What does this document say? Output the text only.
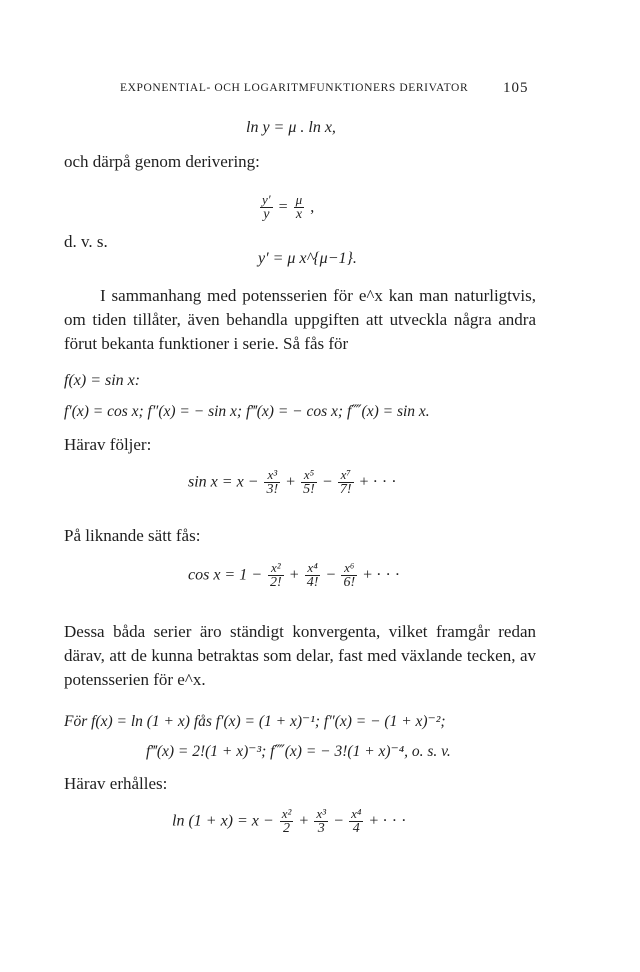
EXPONENTIAL- OCH LOGARITMFUNKTIONERS DERIVATOR 105
ln y = μ . ln x,
och därpå genom derivering:
$\frac{y'}{y} = \frac{\mu}{x}$ ,
d. v. s.
y′ = μ x^{μ−1}.
I sammanhang med potensserien för e^x kan man naturligtvis, om tiden tillåter, även behandla uppgiften att utveckla några andra förut bekanta funktioner i serie. Så fås för
f(x) = sin x:
f′(x) = cos x; f″(x) = − sin x; f‴(x) = − cos x; f⁗(x) = sin x.
Härav följer:
$\sin x = x - \frac{\text{x³}}{3!} + \frac{\text{x⁵}}{5!} - \frac{\text{x⁷}}{7!}$ + · · ·
På liknande sätt fås:
$\cos x = 1 - \frac{\text{x²}}{2!} + \frac{\text{x⁴}}{4!} - \frac{\text{x⁶}}{6!}$ + · · ·
Dessa båda serier äro ständigt konvergenta, vilket framgår redan därav, att de kunna betraktas som delar, fast med växlande tecken, av potensserien för e^x.
För f(x) = ln (1 + x) fås f′(x) = (1 + x)⁻¹; f″(x) = − (1 + x)⁻²;
f‴(x) = 2!(1 + x)⁻³; f⁗(x) = − 3!(1 + x)⁻⁴, o. s. v.
Härav erhålles:
$\ln (1 + x) = x - \frac{\text{x²}}{2} + \frac{\text{x³}}{3} - \frac{\text{x⁴}}{4}$ + · · ·
